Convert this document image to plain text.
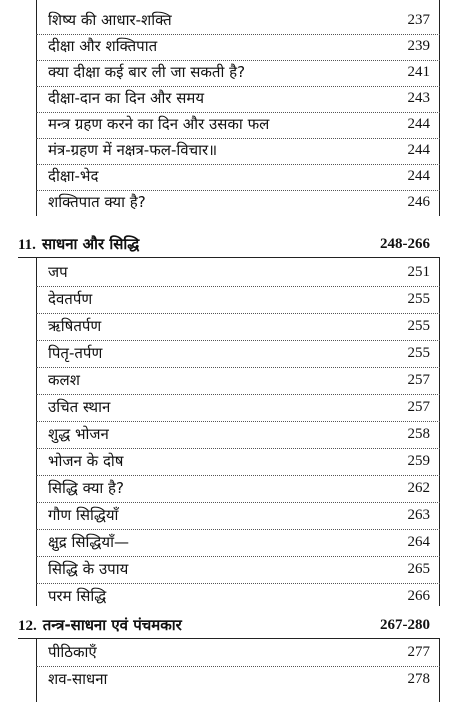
शिष्य की आधार-शक्ति	237
दीक्षा और शक्तिपात	239
क्या दीक्षा कई बार ली जा सकती है?	241
दीक्षा-दान का दिन और समय	243
मन्त्र ग्रहण करने का दिन और उसका फल	244
मंत्र-ग्रहण में नक्षत्र-फल-विचार॥	244
दीक्षा-भेद	244
शक्तिपात क्या है?	246
11. साधना और सिद्धि	248-266
जप	251
देवतर्पण	255
ऋषितर्पण	255
पितृ-तर्पण	255
कलश	257
उचित स्थान	257
शुद्ध भोजन	258
भोजन के दोष	259
सिद्धि क्या है?	262
गौण सिद्धियाँ	263
क्षुद्र सिद्धियाँ—	264
सिद्धि के उपाय	265
परम सिद्धि	266
12. तन्त्र-साधना एवं पंचमकार	267-280
पीठिकाएँ	277
शव-साधना	278
